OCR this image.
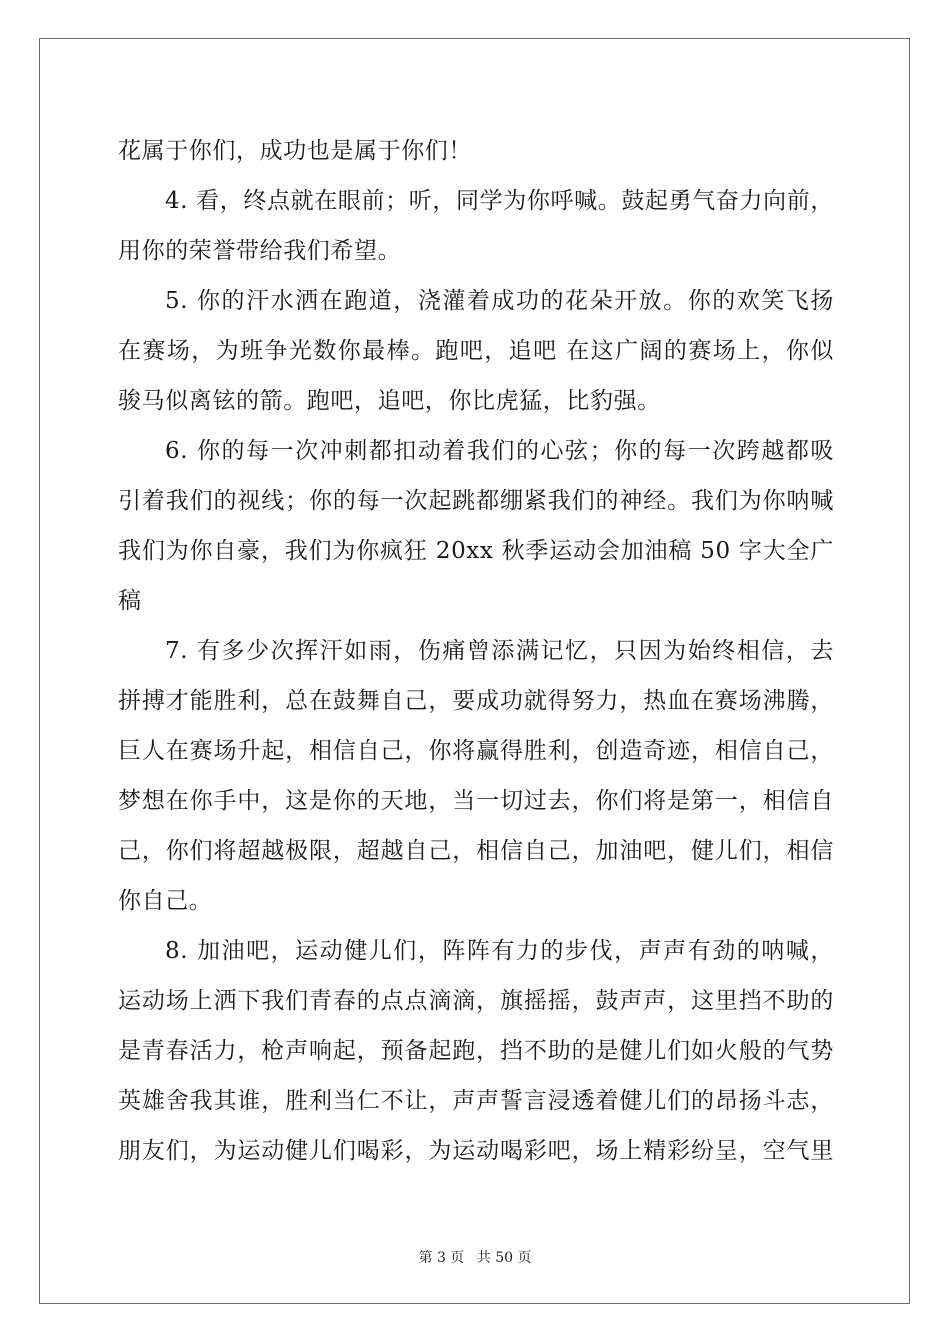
花属于你们，成功也是属于你们！
4. 看，终点就在眼前；听，同学为你呼喊。鼓起勇气奋力向前，
用你的荣誉带给我们希望。
5. 你的汗水洒在跑道，浇灌着成功的花朵开放。你的欢笑飞扬
在赛场，为班争光数你最棒。跑吧，追吧 在这广阔的赛场上，你似
骏马似离铉的箭。跑吧，追吧，你比虎猛，比豹强。
6. 你的每一次冲刺都扣动着我们的心弦；你的每一次跨越都吸
引着我们的视线；你的每一次起跳都绷紧我们的神经。我们为你呐喊
我们为你自豪，我们为你疯狂 20xx 秋季运动会加油稿 50 字大全广
稿
7. 有多少次挥汗如雨，伤痛曾添满记忆，只因为始终相信，去
拼搏才能胜利，总在鼓舞自己，要成功就得努力，热血在赛场沸腾，
巨人在赛场升起，相信自己，你将赢得胜利，创造奇迹，相信自己，
梦想在你手中，这是你的天地，当一切过去，你们将是第一，相信自
己，你们将超越极限，超越自己，相信自己，加油吧，健儿们，相信
你自己。
8. 加油吧，运动健儿们，阵阵有力的步伐，声声有劲的呐喊，
运动场上洒下我们青春的点点滴滴，旗摇摇，鼓声声，这里挡不助的
是青春活力，枪声响起，预备起跑，挡不助的是健儿们如火般的气势
英雄舍我其谁，胜利当仁不让，声声誓言浸透着健儿们的昂扬斗志，
朋友们，为运动健儿们喝彩，为运动喝彩吧，场上精彩纷呈，空气里
第 3 页 共 50 页
